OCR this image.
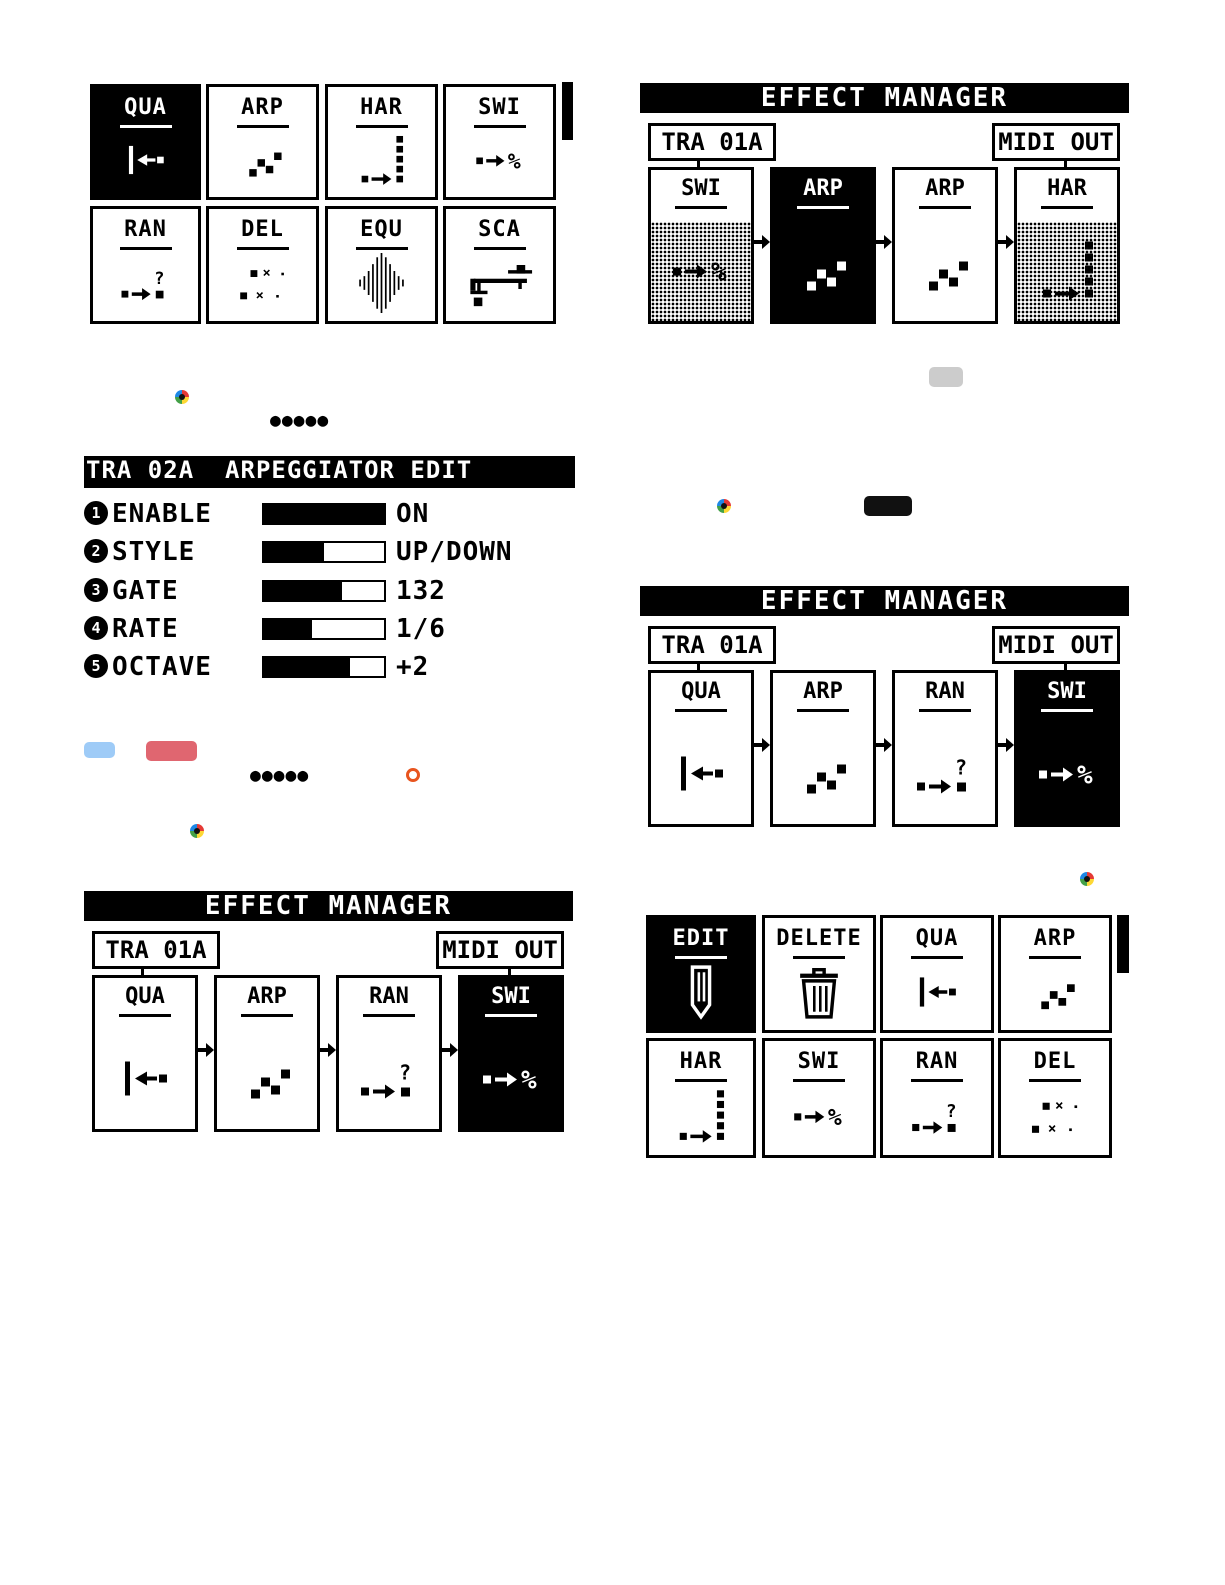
QUA	ARP	HAR	SWI
%
RAN
?
DEL
×
×
EQU	SCA
●●●●●
TRA 02A  ARPEGGIATOR EDIT
1 ENABLE	ON
2 STYLE	UP/DOWN
3 GATE	132
4 RATE	1/6
5 OCTAVE	+2
●●●●●
EFFECT MANAGER
TRA 01A	MIDI OUT
QUA	ARP	RAN
?
SWI
%
EFFECT MANAGER
TRA 01A	MIDI OUT
SWI
%
ARP	ARP	HAR
EFFECT MANAGER
TRA 01A	MIDI OUT
QUA	ARP	RAN
?
SWI
%
EDIT	DELETE	QUA	ARP
HAR	SWI
%
RAN
?
DEL
×
×
